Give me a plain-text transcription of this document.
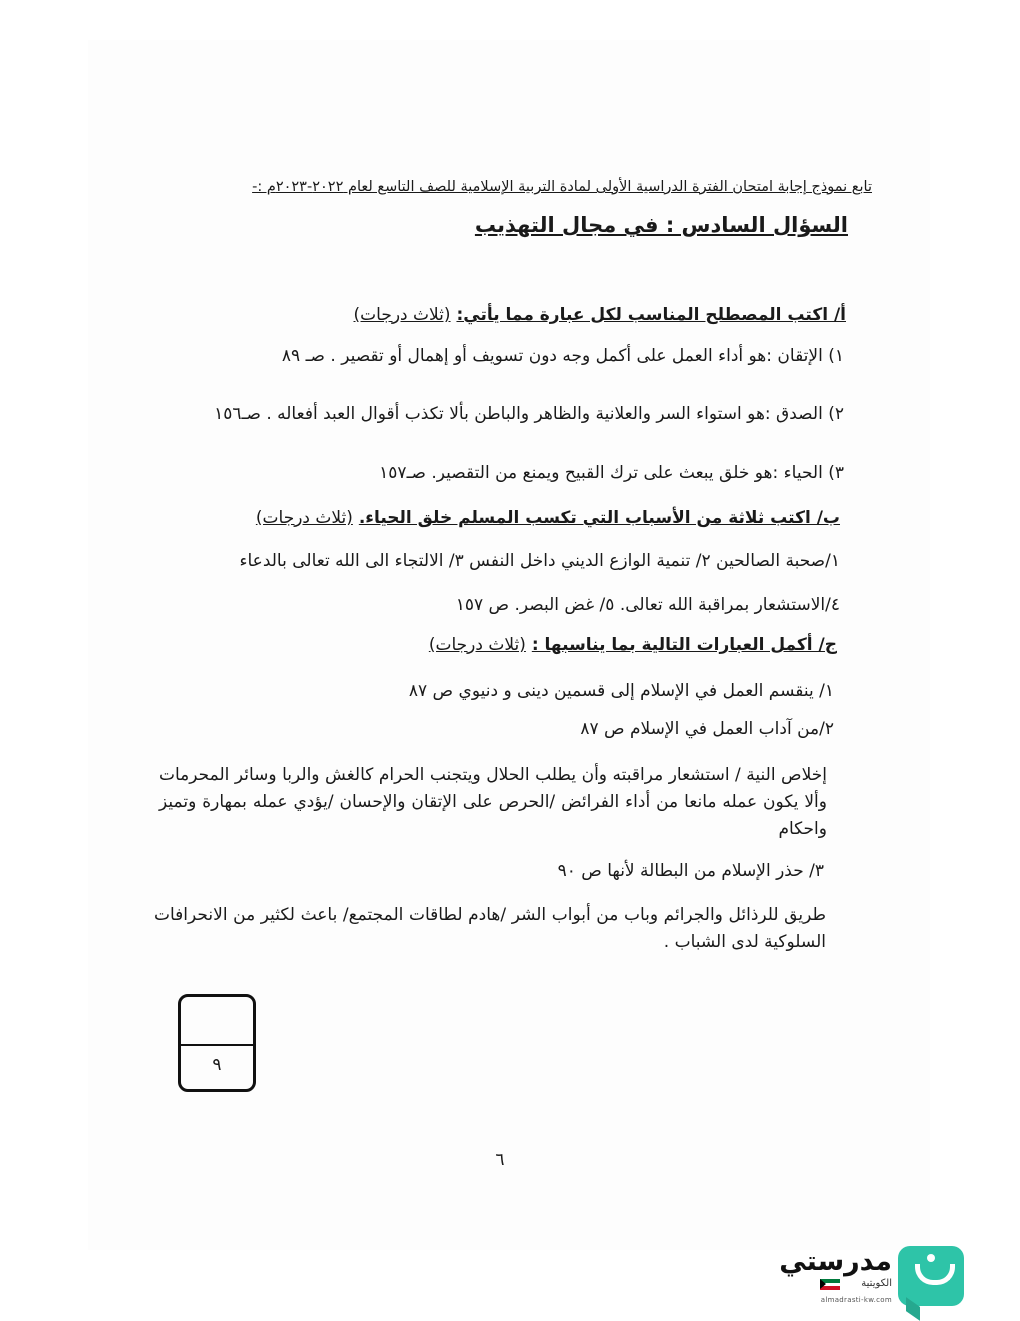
تابع نموذج إجابة امتحان الفترة الدراسية الأولى لمادة التربية الإسلامية للصف التاسع لعام ٢٠٢٢-٢٠٢٣م :-
السؤال السادس : في مجال التهذيب
أ/ اكتب المصطلح المناسب لكل عبارة مما يأتي: (ثلاث درجات)
١) الإتقان :هو أداء العمل على أكمل وجه دون تسويف أو إهمال أو تقصير . صـ ٨٩
٢) الصدق :هو استواء السر والعلانية والظاهر والباطن بألا تكذب أقوال العبد أفعاله . صـ١٥٦
٣) الحياء :هو خلق يبعث على ترك القبيح ويمنع من التقصير. صـ١٥٧
ب/ اكتب ثلاثة من الأسباب التي تكسب المسلم خلق الحياء. (ثلاث درجات)
١/صحبة الصالحين ٢/ تنمية الوازع الديني داخل النفس ٣/ الالتجاء الى الله تعالى بالدعاء
٤/الاستشعار بمراقبة الله تعالى. ٥/ غض البصر. ص ١٥٧
ج/ أكمل العبارات التالية بما يناسبها : (ثلاث درجات)
١/ ينقسم العمل في الإسلام إلى قسمين دينى و دنيوي ص ٨٧
٢/من آداب العمل في الإسلام ص ٨٧
إخلاص النية / استشعار مراقبته وأن يطلب الحلال ويتجنب الحرام كالغش والربا وسائر المحرمات وألا يكون عمله مانعا من أداء الفرائض /الحرص على الإتقان والإحسان /يؤدي عمله بمهارة وتميز واحكام
٣/ حذر الإسلام من البطالة لأنها ص ٩٠
طريق للرذائل والجرائم وباب من أبواب الشر /هادم لطاقات المجتمع/ باعث لكثير من الانحرافات السلوكية لدى الشباب .
٩
٦
مدرستي
الكويتية
almadrasti-kw.com
